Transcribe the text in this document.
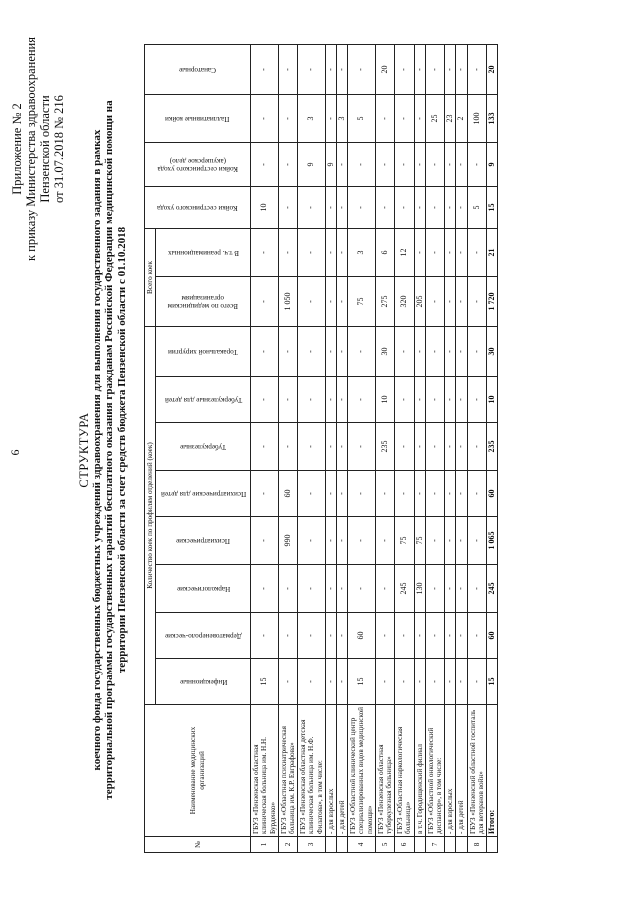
6
Приложение № 2 к приказу Министерства здравоохранения Пензенской области от 31.07.2018 № 216
СТРУКТУРА коечного фонда государственных бюджетных учреждений здравоохранения для выполнения государственного задания в рамках территориальной программы государственных гарантий бесплатного оказания гражданам Российской Федерации медицинской помощи на территории Пензенской области за счет средств бюджета Пензенской области с 01.10.2018
№	Наименование медицинских организаций	Количество коек по профилям отделений (коек)								Всего коек		Койки сестринского ухода	Койки сестринского ухода (акушерское дело)	Паллиативные койки	Санаторные

		Инфекционные	Дерматовенероло-ческие	Наркологические	Психиатрические	Психиатрические для детей	Туберкулезные	Туберкулезные для детей	Торакальной хирургии	Всего по медицинским организациям	В т.ч. реанимационных				

1	ГБУЗ «Пензенская областная клиническая больница им. Н.Н. Бурденко»	15	-	-	-	-	-	-	-	-	-	10	-	-	-
2	ГБУЗ «Областная психиатрическая больница им. К.Р. Евграфова»	-	-	-	990	60	-	-	-	1 050	-	-	-	-	-
3	ГБУЗ «Пензенская областная детская клиническая больница им. Н.Ф. Филатова», в том числе:	-	-	-	-	-	-	-	-	-	-	-	9	3	-
	- для взрослых	-	-	-	-	-	-	-	-	-	-	-	9	-	-
	- для детей	-	-	-	-	-	-	-	-	-	-	-	-	3	-
4	ГБУЗ «Областной клинический центр специализированных видов медицинской помощи»	15	60	-	-	-	-	-	-	75	3	-	-	5	-
5	ГБУЗ «Пензенская областная туберкулезная больница»	-	-	-	-	-	235	10	30	275	6	-	-	-	20
6	ГБУЗ «Областная наркологическая больница»	-	-	245	75	-	-	-	-	320	12	-	-	-	-
	в т.ч. Городищенский филиал	-	-	130	75	-	-	-	-	205	-	-	-	-	-
7	ГБУЗ «Областной онкологический диспансер», в том числе:	-	-	-	-	-	-	-	-	-	-	-	-	25	-
	- для взрослых	-	-	-	-	-	-	-	-	-	-	-	-	23	-
	- для детей	-	-	-	-	-	-	-	-	-	-	-	-	2	-
8	ГБУЗ «Пензенский областной госпиталь для ветеранов войн»	-	-	-	-	-	-	-	-	-	-	5	-	100	-
	Итого:	15	60	245	1 065	60	235	10	30	1 720	21	15	9	133	20
